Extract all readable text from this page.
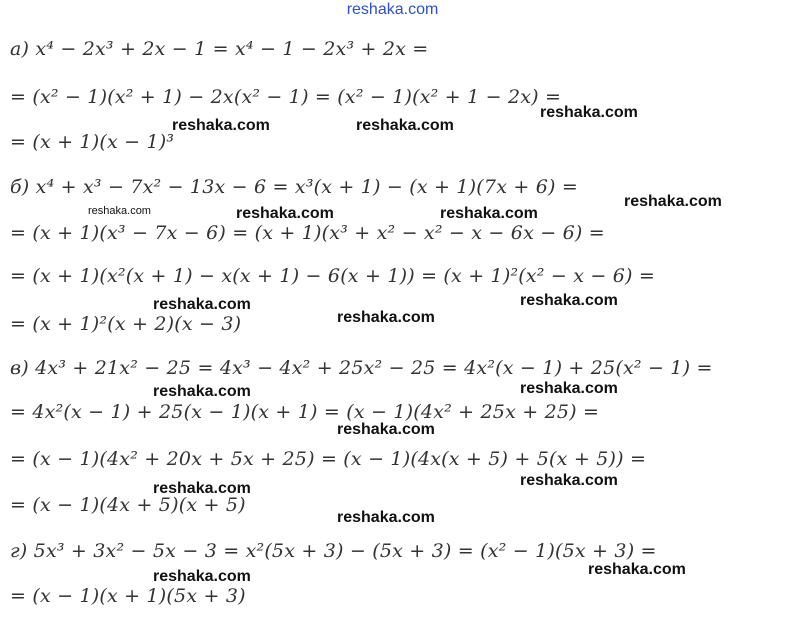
reshaka.com
а) x⁴ − 2x³ + 2x − 1 = x⁴ − 1 − 2x³ + 2x =
= (x² − 1)(x² + 1) − 2x(x² − 1) = (x² − 1)(x² + 1 − 2x) =
= (x + 1)(x − 1)³
б) x⁴ + x³ − 7x² − 13x − 6 = x³(x + 1) − (x + 1)(7x + 6) =
= (x + 1)(x³ − 7x − 6) = (x + 1)(x³ + x² − x² − x − 6x − 6) =
= (x + 1)(x²(x + 1) − x(x + 1) − 6(x + 1)) = (x + 1)²(x² − x − 6) =
= (x + 1)²(x + 2)(x − 3)
в) 4x³ + 21x² − 25 = 4x³ − 4x² + 25x² − 25 = 4x²(x − 1) + 25(x² − 1) =
= 4x²(x − 1) + 25(x − 1)(x + 1) = (x − 1)(4x² + 25x + 25) =
= (x − 1)(4x² + 20x + 5x + 25) = (x − 1)(4x(x + 5) + 5(x + 5)) =
= (x − 1)(4x + 5)(x + 5)
г) 5x³ + 3x² − 5x − 3 = x²(5x + 3) − (5x + 3) = (x² − 1)(5x + 3) =
= (x − 1)(x + 1)(5x + 3)
reshaka.com	reshaka.com
reshaka.com
reshaka.com	reshaka.com	reshaka.com
reshaka.com
reshaka.com	reshaka.com
reshaka.com
reshaka.com	reshaka.com
reshaka.com
reshaka.com	reshaka.com
reshaka.com
reshaka.com	reshaka.com
